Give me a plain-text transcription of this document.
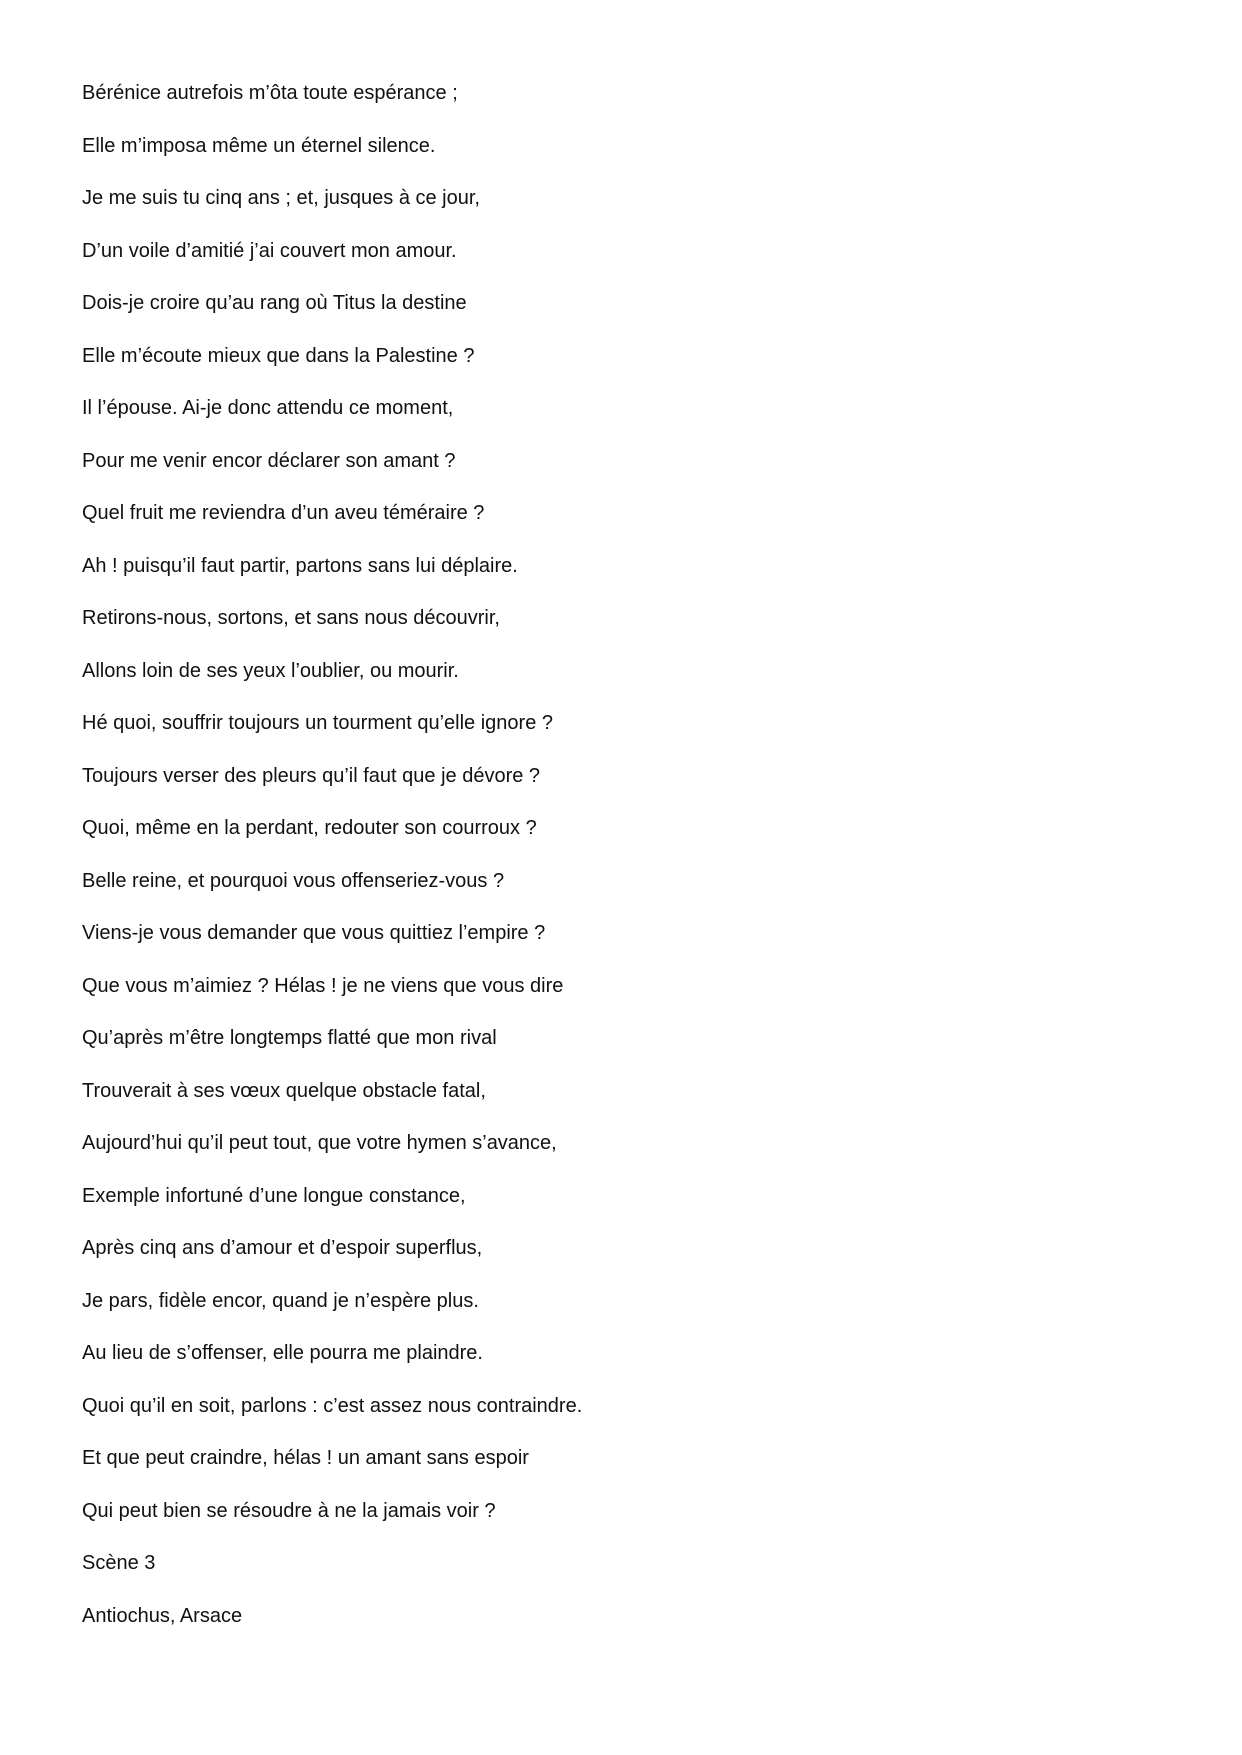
Bérénice autrefois m’ôta toute espérance ;
Elle m’imposa même un éternel silence.
Je me suis tu cinq ans ; et, jusques à ce jour,
D’un voile d’amitié j’ai couvert mon amour.
Dois-je croire qu’au rang où Titus la destine
Elle m’écoute mieux que dans la Palestine ?
Il l’épouse. Ai-je donc attendu ce moment,
Pour me venir encor déclarer son amant ?
Quel fruit me reviendra d’un aveu téméraire ?
Ah ! puisqu’il faut partir, partons sans lui déplaire.
Retirons-nous, sortons, et sans nous découvrir,
Allons loin de ses yeux l’oublier, ou mourir.
Hé quoi, souffrir toujours un tourment qu’elle ignore ?
Toujours verser des pleurs qu’il faut que je dévore ?
Quoi, même en la perdant, redouter son courroux ?
Belle reine, et pourquoi vous offenseriez-vous ?
Viens-je vous demander que vous quittiez l’empire ?
Que vous m’aimiez ? Hélas ! je ne viens que vous dire
Qu’après m’être longtemps flatté que mon rival
Trouverait à ses vœux quelque obstacle fatal,
Aujourd’hui qu’il peut tout, que votre hymen s’avance,
Exemple infortuné d’une longue constance,
Après cinq ans d’amour et d’espoir superflus,
Je pars, fidèle encor, quand je n’espère plus.
Au lieu de s’offenser, elle pourra me plaindre.
Quoi qu’il en soit, parlons : c’est assez nous contraindre.
Et que peut craindre, hélas ! un amant sans espoir
Qui peut bien se résoudre à ne la jamais voir ?
Scène 3
Antiochus, Arsace
